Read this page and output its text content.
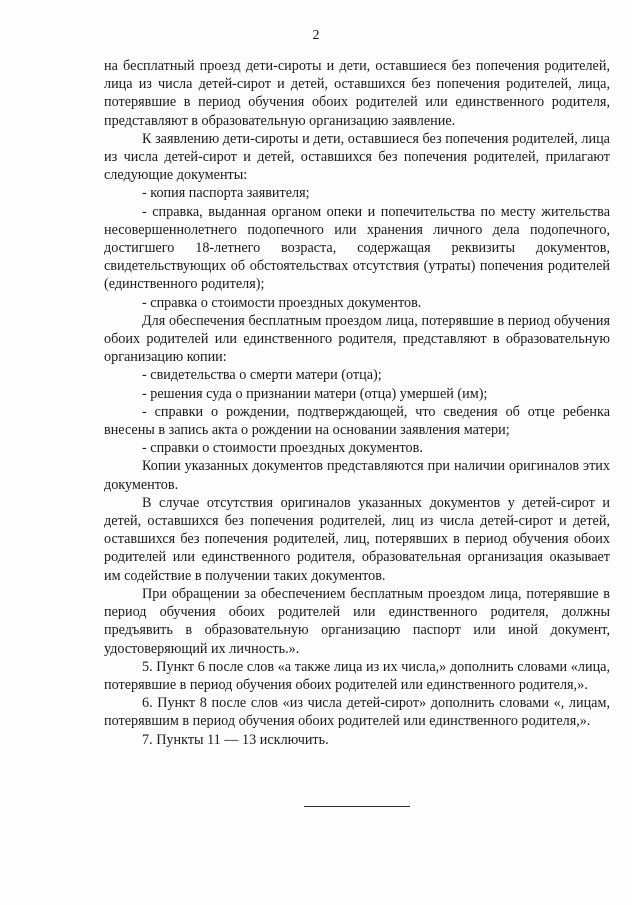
2

на бесплатный проезд дети-сироты и дети, оставшиеся без попечения родителей, лица из числа детей-сирот и детей, оставшихся без попечения родителей, лица, потерявшие в период обучения обоих родителей или единственного родителя, представляют в образовательную организацию заявление.

К заявлению дети-сироты и дети, оставшиеся без попечения родителей, лица из числа детей-сирот и детей, оставшихся без попечения родителей, прилагают следующие документы:

- копия паспорта заявителя;

- справка, выданная органом опеки и попечительства по месту жительства несовершеннолетнего подопечного или хранения личного дела подопечного, достигшего 18-летнего возраста, содержащая реквизиты документов, свидетельствующих об обстоятельствах отсутствия (утраты) попечения родителей (единственного родителя);

- справка о стоимости проездных документов.

Для обеспечения бесплатным проездом лица, потерявшие в период обучения обоих родителей или единственного родителя, представляют в образовательную организацию копии:

- свидетельства о смерти матери (отца);

- решения суда о признании матери (отца) умершей (им);

- справки о рождении, подтверждающей, что сведения об отце ребенка внесены в запись акта о рождении на основании заявления матери;

- справки о стоимости проездных документов.

Копии указанных документов представляются при наличии оригиналов этих документов.

В случае отсутствия оригиналов указанных документов у детей-сирот и детей, оставшихся без попечения родителей, лиц из числа детей-сирот и детей, оставшихся без попечения родителей, лиц, потерявших в период обучения обоих родителей или единственного родителя, образовательная организация оказывает им содействие в получении таких документов.

При обращении за обеспечением бесплатным проездом лица, потерявшие в период обучения обоих родителей или единственного родителя, должны предъявить в образовательную организацию паспорт или иной документ, удостоверяющий их личность.».

5. Пункт 6 после слов «а также лица из их числа,» дополнить словами «лица, потерявшие в период обучения обоих родителей или единственного родителя,».

6. Пункт 8 после слов «из числа детей-сирот» дополнить словами «, лицам, потерявшим в период обучения обоих родителей или единственного родителя,».

7. Пункты 11 — 13 исключить.
